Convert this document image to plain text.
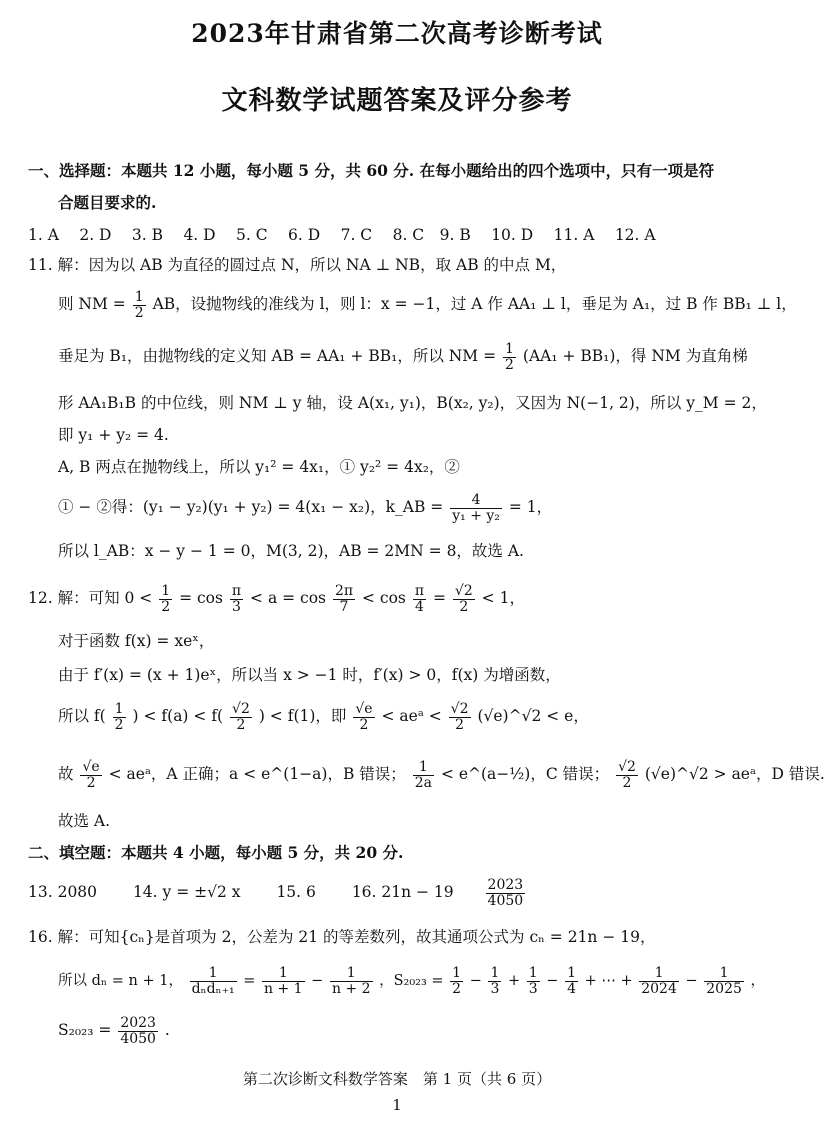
2023年甘肃省第二次高考诊断考试
文科数学试题答案及评分参考
一、选择题：本题共 12 小题，每小题 5 分，共 60 分. 在每小题给出的四个选项中，只有一项是符
合题目要求的.
1. A　 2. D　 3. B　 4. D　 5. C　 6. D　 7. C　 8. C　9. B　 10. D　 11. A　 12. A
11. 解：因为以 AB 为直径的圆过点 N，所以 NA ⊥ NB，取 AB 的中点 M，
则 NM = $\frac{1}{2}$ AB，设抛物线的准线为 l，则 l：x = −1，过 A 作 AA₁ ⊥ l，垂足为 A₁，过 B 作 BB₁ ⊥ l，
垂足为 B₁，由抛物线的定义知 AB = AA₁ + BB₁，所以 NM = $\frac{1}{2} (AA_1 + BB_1)$，得 NM 为直角梯
形 AA₁B₁B 的中位线，则 NM ⊥ y 轴，设 A(x₁, y₁)，B(x₂, y₂)，又因为 N(−1, 2)，所以 y_M = 2，
即 y₁ + y₂ = 4.
A, B 两点在抛物线上，所以 y₁² = 4x₁，① y₂² = 4x₂，②
① − ②得：(y₁ − y₂)(y₁ + y₂) = 4(x₁ − x₂)，k_AB = $\frac{4}{\text{y₁ + y₂}} = 1$，
所以 l_AB：x − y − 1 = 0，M(3, 2)，AB = 2MN = 8，故选 A.
12. 解：可知 $0 < \frac{1}{2} = \cos \frac{\pi}{3} < a = \cos \frac{2\pi}{7} < \cos \frac{\pi}{4} = \frac{√2}{2} < 1$，
对于函数 f(x) = xeˣ，
由于 f′(x) = (x + 1)eˣ，所以当 x > −1 时，f′(x) > 0，f(x) 为增函数，
所以 $f( \frac{1}{2}$ ) < $f(a) < f( \frac{√2}{2}$ ) < f(1)，即 $\frac{√e}{2}$ < aeᵃ < $\frac{√2}{2}$ (√e)^√2 < e，
故 $\frac{√e}{2}$ < aeᵃ，A 正确；a < e^(1−a)，B 错误； $\frac{1}{2a}$ < e^(a−½)，C 错误； $\frac{√2}{2}$ (√e)^√2 > aeᵃ，D 错误.
故选 A.
二、填空题：本题共 4 小题，每小题 5 分，共 20 分.
13. 2080　　 14. y = ±√2 x　　 15. 6　　 16. $21n - 19 \frac{2023}{4050}$
16. 解：可知{cₙ}是首项为 2，公差为 21 的等差数列，故其通项公式为 cₙ = 21n − 19，
所以 dₙ = n + 1， $\frac{1}{\text{dₙdₙ₊₁}} = \frac{1}{n + 1} - \frac{1}{n + 2}$ ，$S_{2023} = \frac{1}{2} - \frac{1}{3} + \frac{1}{3} - \frac{1}{4}$ + ⋯ + $\frac{1}{2024} - \frac{1}{2025}$ ，
$S_{2023} = \frac{2023}{4050}$ .
第二次诊断文科数学答案　第 1 页（共 6 页）
1
